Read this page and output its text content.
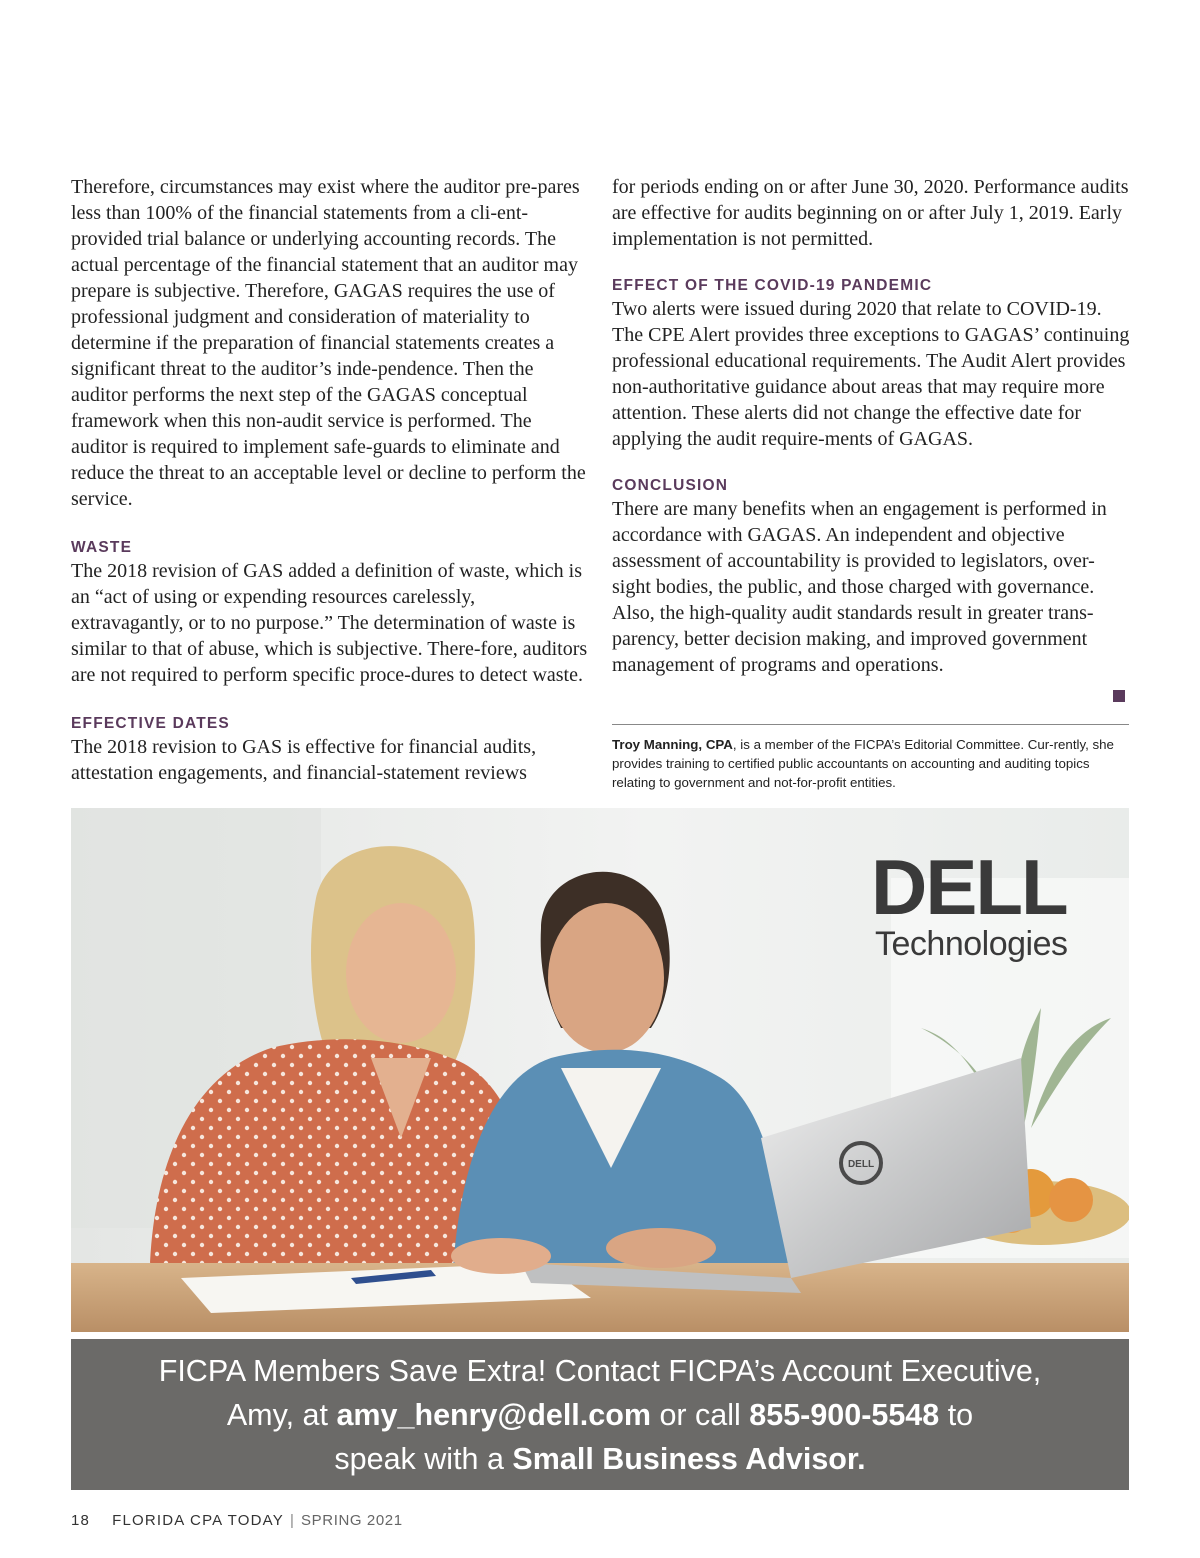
Therefore, circumstances may exist where the auditor pre-pares less than 100% of the financial statements from a cli-ent-provided trial balance or underlying accounting records. The actual percentage of the financial statement that an auditor may prepare is subjective. Therefore, GAGAS requires the use of professional judgment and consideration of materiality to determine if the preparation of financial statements creates a significant threat to the auditor’s inde-pendence. Then the auditor performs the next step of the GAGAS conceptual framework when this non-audit service is performed. The auditor is required to implement safe-guards to eliminate and reduce the threat to an acceptable level or decline to perform the service.

WASTE

The 2018 revision of GAS added a definition of waste, which is an “act of using or expending resources carelessly, extravagantly, or to no purpose.” The determination of waste is similar to that of abuse, which is subjective. There-fore, auditors are not required to perform specific proce-dures to detect waste.

EFFECTIVE DATES

The 2018 revision to GAS is effective for financial audits, attestation engagements, and financial-statement reviews

for periods ending on or after June 30, 2020. Performance audits are effective for audits beginning on or after July 1, 2019. Early implementation is not permitted.

EFFECT OF THE COVID-19 PANDEMIC

Two alerts were issued during 2020 that relate to COVID-19. The CPE Alert provides three exceptions to GAGAS’ continuing professional educational requirements. The Audit Alert provides non-authoritative guidance about areas that may require more attention. These alerts did not change the effective date for applying the audit require-ments of GAGAS.

CONCLUSION

There are many benefits when an engagement is performed in accordance with GAGAS. An independent and objective assessment of accountability is provided to legislators, over-sight bodies, the public, and those charged with governance. Also, the high-quality audit standards result in greater trans-parency, better decision making, and improved government management of programs and operations.

Troy Manning, CPA, is a member of the FICPA’s Editorial Committee. Cur-rently, she provides training to certified public accountants on accounting and auditing topics relating to government and not-for-profit entities.

DELL
DELL
Technologies
FICPA Members Save Extra! Contact FICPA’s Account Executive,
Amy, at amy_henry@dell.com or call 855-900-5548 to
speak with a Small Business Advisor.
18 FLORIDA CPA TODAY | SPRING 2021
